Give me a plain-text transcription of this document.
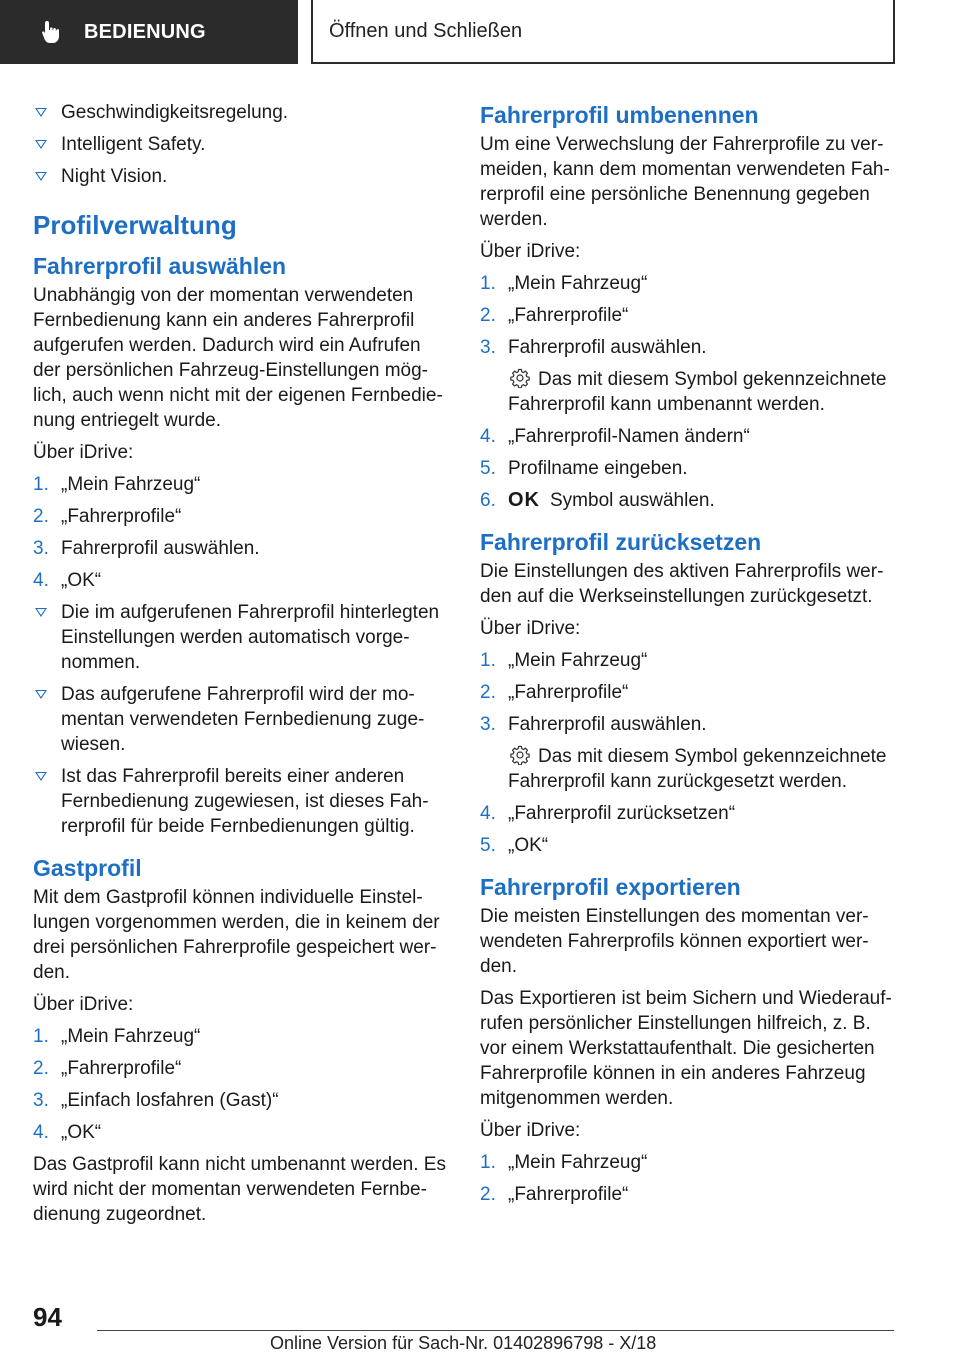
BEDIENUNG	Öffnen und Schließen
Geschwindigkeitsregelung.
Intelligent Safety.
Night Vision.
Profilverwaltung
Fahrerprofil auswählen
Unabhängig von der momentan verwendeten Fernbedienung kann ein anderes Fahrerprofil aufgerufen werden. Dadurch wird ein Aufrufen der persönlichen Fahrzeug-Einstellungen mög-lich, auch wenn nicht mit der eigenen Fernbedie-nung entriegelt wurde.
Über iDrive:
1. „Mein Fahrzeug“
2. „Fahrerprofile“
3. Fahrerprofil auswählen.
4. „OK“
Die im aufgerufenen Fahrerprofil hinterlegten Einstellungen werden automatisch vorge-nommen.
Das aufgerufene Fahrerprofil wird der mo-mentan verwendeten Fernbedienung zuge-wiesen.
Ist das Fahrerprofil bereits einer anderen Fernbedienung zugewiesen, ist dieses Fah-rerprofil für beide Fernbedienungen gültig.
Gastprofil
Mit dem Gastprofil können individuelle Einstel-lungen vorgenommen werden, die in keinem der drei persönlichen Fahrerprofile gespeichert wer-den.
Über iDrive:
1. „Mein Fahrzeug“
2. „Fahrerprofile“
3. „Einfach losfahren (Gast)“
4. „OK“
Das Gastprofil kann nicht umbenannt werden. Es wird nicht der momentan verwendeten Fernbe-dienung zugeordnet.
Fahrerprofil umbenennen
Um eine Verwechslung der Fahrerprofile zu ver-meiden, kann dem momentan verwendeten Fah-rerprofil eine persönliche Benennung gegeben werden.
Über iDrive:
1. „Mein Fahrzeug“
2. „Fahrerprofile“
3. Fahrerprofil auswählen.
Das mit diesem Symbol gekennzeichnete Fahrerprofil kann umbenannt werden.
4. „Fahrerprofil-Namen ändern“
5. Profilname eingeben.
6. OK Symbol auswählen.
Fahrerprofil zurücksetzen
Die Einstellungen des aktiven Fahrerprofils wer-den auf die Werkseinstellungen zurückgesetzt.
Über iDrive:
1. „Mein Fahrzeug“
2. „Fahrerprofile“
3. Fahrerprofil auswählen.
Das mit diesem Symbol gekennzeichnete Fahrerprofil kann zurückgesetzt werden.
4. „Fahrerprofil zurücksetzen“
5. „OK“
Fahrerprofil exportieren
Die meisten Einstellungen des momentan ver-wendeten Fahrerprofils können exportiert wer-den.
Das Exportieren ist beim Sichern und Wiederauf-rufen persönlicher Einstellungen hilfreich, z. B. vor einem Werkstattaufenthalt. Die gesicherten Fahrerprofile können in ein anderes Fahrzeug mitgenommen werden.
Über iDrive:
1. „Mein Fahrzeug“
2. „Fahrerprofile“
94
Online Version für Sach-Nr. 01402896798 - X/18
